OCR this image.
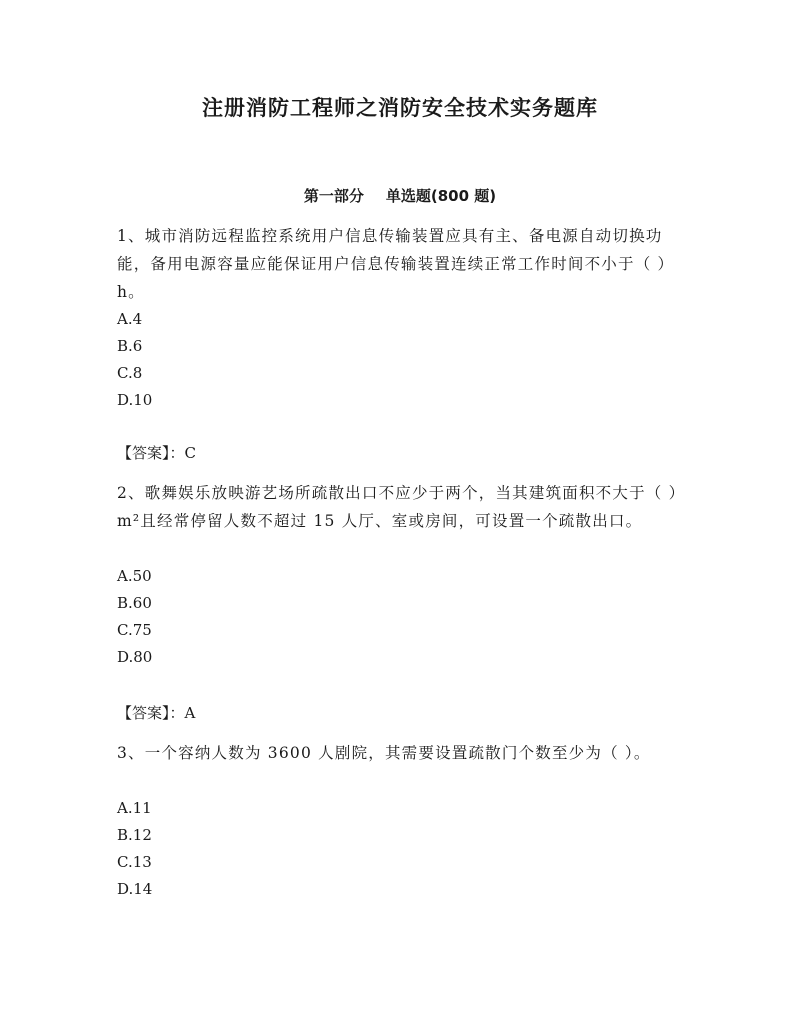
注册消防工程师之消防安全技术实务题库
第一部分 单选题(800 题)
1、城市消防远程监控系统用户信息传输装置应具有主、备电源自动切换功能，备用电源容量应能保证用户信息传输装置连续正常工作时间不小于（ ）h。
A.4
B.6
C.8
D.10
【答案】：C
2、歌舞娱乐放映游艺场所疏散出口不应少于两个，当其建筑面积不大于（ ）m²且经常停留人数不超过 15 人厅、室或房间，可设置一个疏散出口。
A.50
B.60
C.75
D.80
【答案】：A
3、一个容纳人数为 3600 人剧院，其需要设置疏散门个数至少为（ ）。
A.11
B.12
C.13
D.14
